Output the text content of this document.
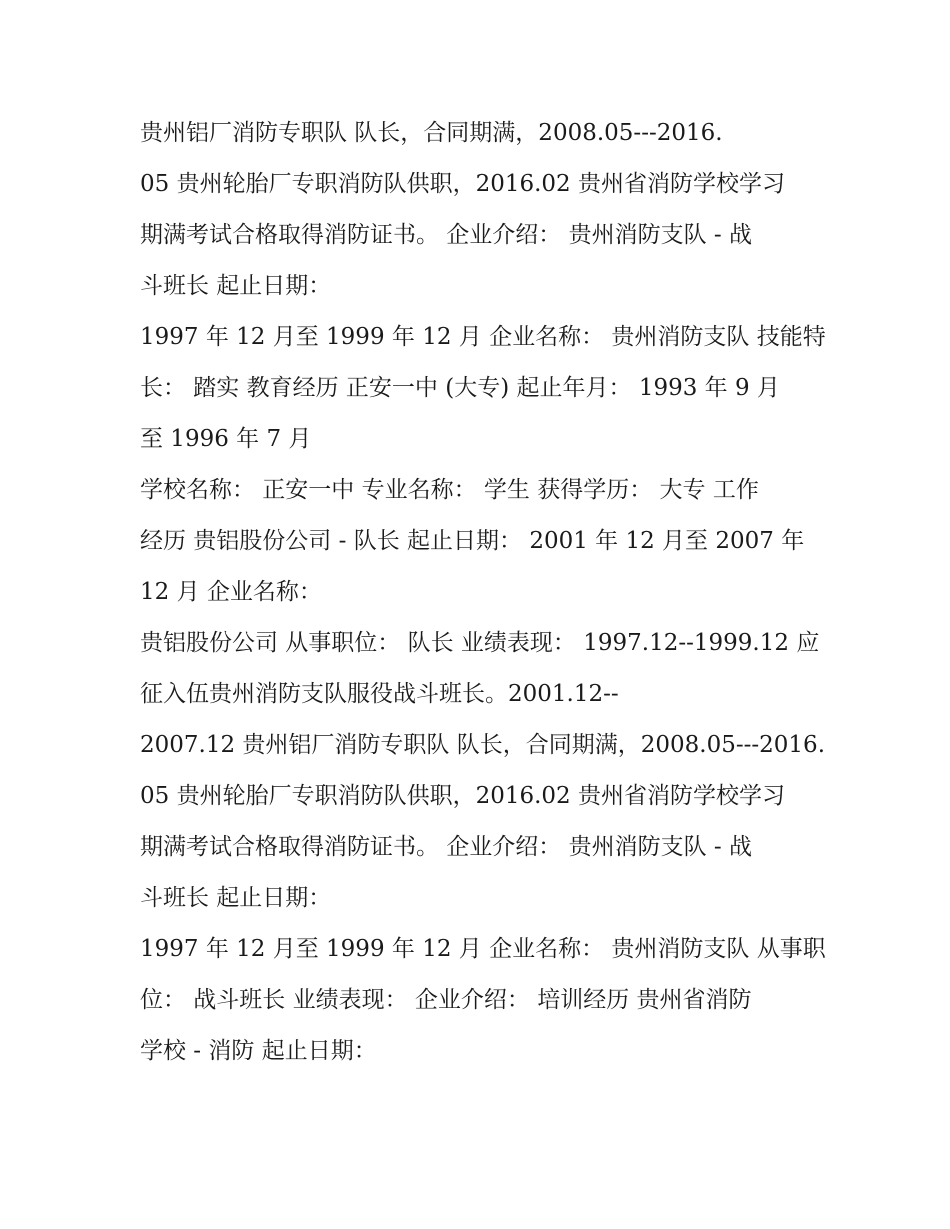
贵州铝厂消防专职队 队长，合同期满，2008.05---2016.
05 贵州轮胎厂专职消防队供职，2016.02 贵州省消防学校学习
期满考试合格取得消防证书。 企业介绍： 贵州消防支队 - 战
斗班长 起止日期：
1997 年 12 月至 1999 年 12 月 企业名称： 贵州消防支队 技能特
长： 踏实 教育经历 正安一中 (大专) 起止年月： 1993 年 9 月
至 1996 年 7 月
学校名称： 正安一中 专业名称： 学生 获得学历： 大专 工作
经历 贵铝股份公司 - 队长 起止日期： 2001 年 12 月至 2007 年
12 月 企业名称：
贵铝股份公司 从事职位： 队长 业绩表现： 1997.12--1999.12 应
征入伍贵州消防支队服役战斗班长。2001.12--
2007.12 贵州铝厂消防专职队 队长，合同期满，2008.05---2016.
05 贵州轮胎厂专职消防队供职，2016.02 贵州省消防学校学习
期满考试合格取得消防证书。 企业介绍： 贵州消防支队 - 战
斗班长 起止日期：
1997 年 12 月至 1999 年 12 月 企业名称： 贵州消防支队 从事职
位： 战斗班长 业绩表现： 企业介绍： 培训经历 贵州省消防
学校 - 消防 起止日期：
